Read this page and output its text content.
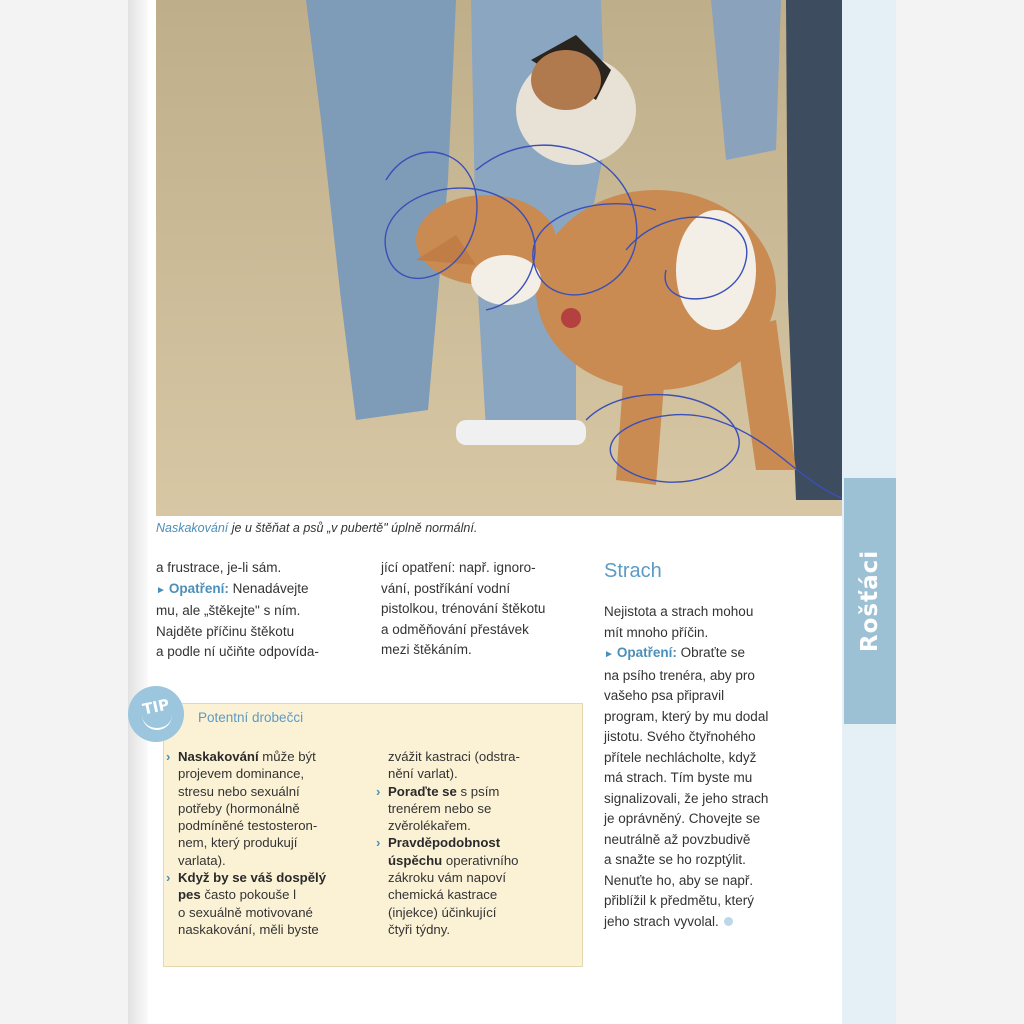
Rošťáci
Naskakování je u štěňat a psů „v pubertě" úplně normální.
a frustrace, je-li sám.
► Opatření: Nenadávejte
mu, ale „štěkejte" s ním.
Najděte příčinu štěkotu
a podle ní učiňte odpovída-
jící opatření: např. ignoro-
vání, postříkání vodní
pistolkou, trénování štěkotu
a odměňování přestávek
mezi štěkáním.
Strach
Nejistota a strach mohou
mít mnoho příčin.
► Opatření: Obraťte se
na psího trenéra, aby pro
vašeho psa připravil
program, který by mu dodal
jistotu. Svého čtyřnohého
přítele nechlácholte, když
má strach. Tím byste mu
signalizovali, že jeho strach
je oprávněný. Chovejte se
neutrálně až povzbudivě
a snažte se ho rozptýlit.
Nenuťte ho, aby se např.
přiblížil k předmětu, který
jeho strach vyvolal.
TIP	Potentní drobečci
› Naskakování může být
projevem dominance,
stresu nebo sexuální
potřeby (hormonálně
podmíněné testosteron-
nem, který produkují
varlata).
› Když by se váš dospělý
pes často pokouše l
o sexuálně motivované
naskakování, měli byste
zvážit kastraci (odstra-
nění varlat).
› Poraďte se s psím
trenérem nebo se
zvěrolékařem.
› Pravděpodobnost
úspěchu operativního
zákroku vám napoví
chemická kastrace
(injekce) účinkující
čtyři týdny.
